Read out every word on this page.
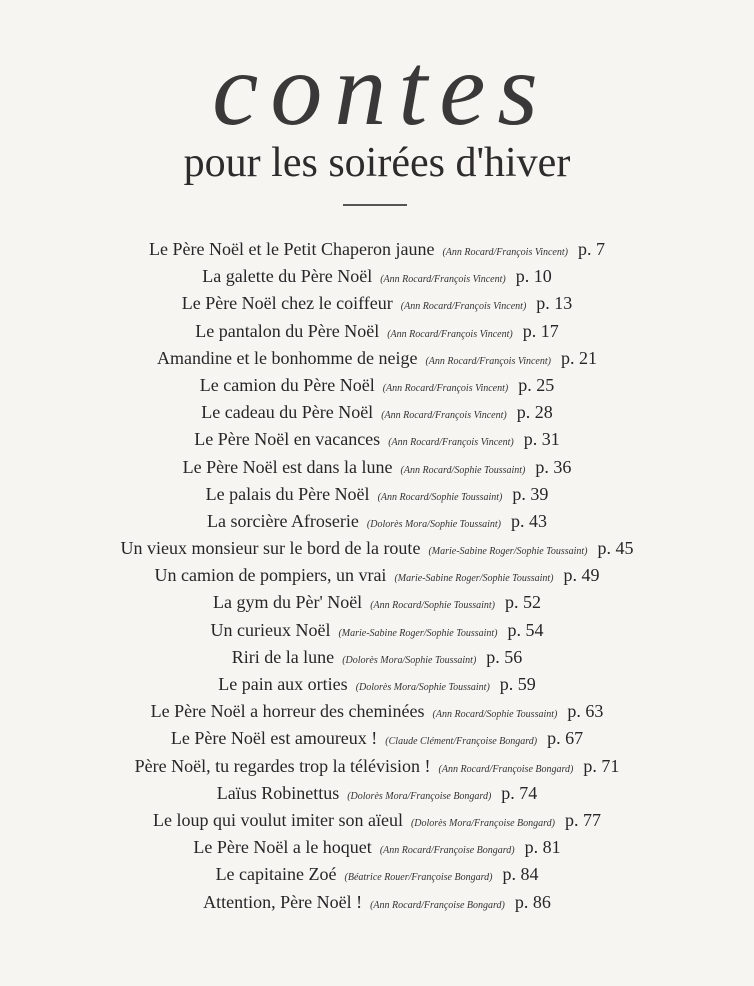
contes
pour les soirées d'hiver
Le Père Noël et le Petit Chaperon jaune (Ann Rocard/François Vincent) p. 7
La galette du Père Noël (Ann Rocard/François Vincent) p. 10
Le Père Noël chez le coiffeur (Ann Rocard/François Vincent) p. 13
Le pantalon du Père Noël (Ann Rocard/François Vincent) p. 17
Amandine et le bonhomme de neige (Ann Rocard/François Vincent) p. 21
Le camion du Père Noël (Ann Rocard/François Vincent) p. 25
Le cadeau du Père Noël (Ann Rocard/François Vincent) p. 28
Le Père Noël en vacances (Ann Rocard/François Vincent) p. 31
Le Père Noël est dans la lune (Ann Rocard/Sophie Toussaint) p. 36
Le palais du Père Noël (Ann Rocard/Sophie Toussaint) p. 39
La sorcière Afroserie (Dolorès Mora/Sophie Toussaint) p. 43
Un vieux monsieur sur le bord de la route (Marie-Sabine Roger/Sophie Toussaint) p. 45
Un camion de pompiers, un vrai (Marie-Sabine Roger/Sophie Toussaint) p. 49
La gym du Pèr' Noël (Ann Rocard/Sophie Toussaint) p. 52
Un curieux Noël (Marie-Sabine Roger/Sophie Toussaint) p. 54
Riri de la lune (Dolorès Mora/Sophie Toussaint) p. 56
Le pain aux orties (Dolorès Mora/Sophie Toussaint) p. 59
Le Père Noël a horreur des cheminées (Ann Rocard/Sophie Toussaint) p. 63
Le Père Noël est amoureux ! (Claude Clément/Françoise Bongard) p. 67
Père Noël, tu regardes trop la télévision ! (Ann Rocard/Françoise Bongard) p. 71
Laïus Robinettus (Dolorès Mora/Françoise Bongard) p. 74
Le loup qui voulut imiter son aïeul (Dolorès Mora/Françoise Bongard) p. 77
Le Père Noël a le hoquet (Ann Rocard/Françoise Bongard) p. 81
Le capitaine Zoé (Béatrice Rouer/Françoise Bongard) p. 84
Attention, Père Noël ! (Ann Rocard/Françoise Bongard) p. 86
